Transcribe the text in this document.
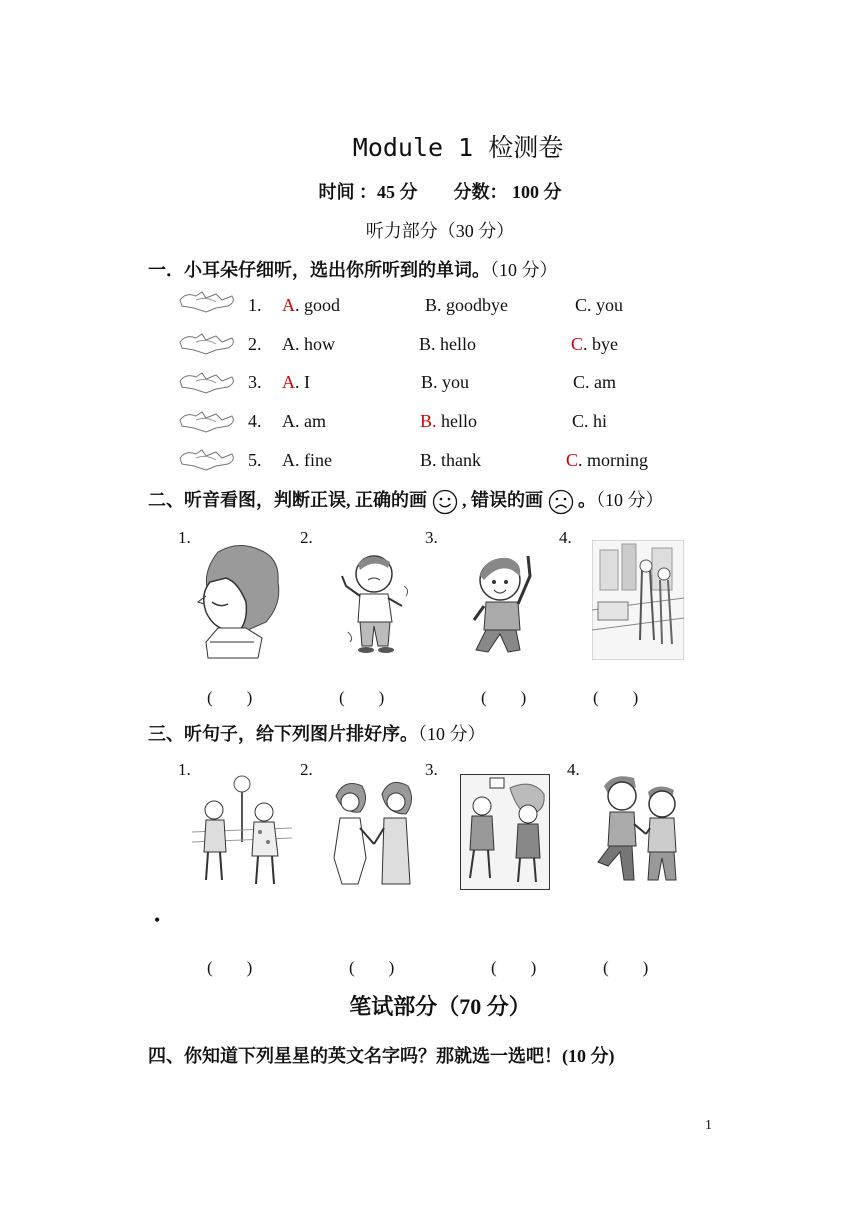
Module 1 检测卷
时间 ：45 分　　分数： 100 分
听力部分（30 分）
一．小耳朵仔细听，选出你所听到的单词。（10 分）
1. A. good	B. goodbye	C. you
2. A. how	B. hello	C. bye
3. A. I	B. you	C. am
4. A. am	B. hello	C. hi
5. A. fine	B. thank	C. morning
二、听音看图，判断正误, 正确的画 , 错误的画 。（10 分）
1.	2.	3.	4.
(　　)	(　　)	(　　)	(　　)
三、听句子，给下列图片排好序。（10 分）
1.	2.	3.	4.
•
(　　)	(　　)	(　　)	(　　)
笔试部分（70 分）
四、你知道下列星星的英文名字吗？那就选一选吧！(10 分)
1
